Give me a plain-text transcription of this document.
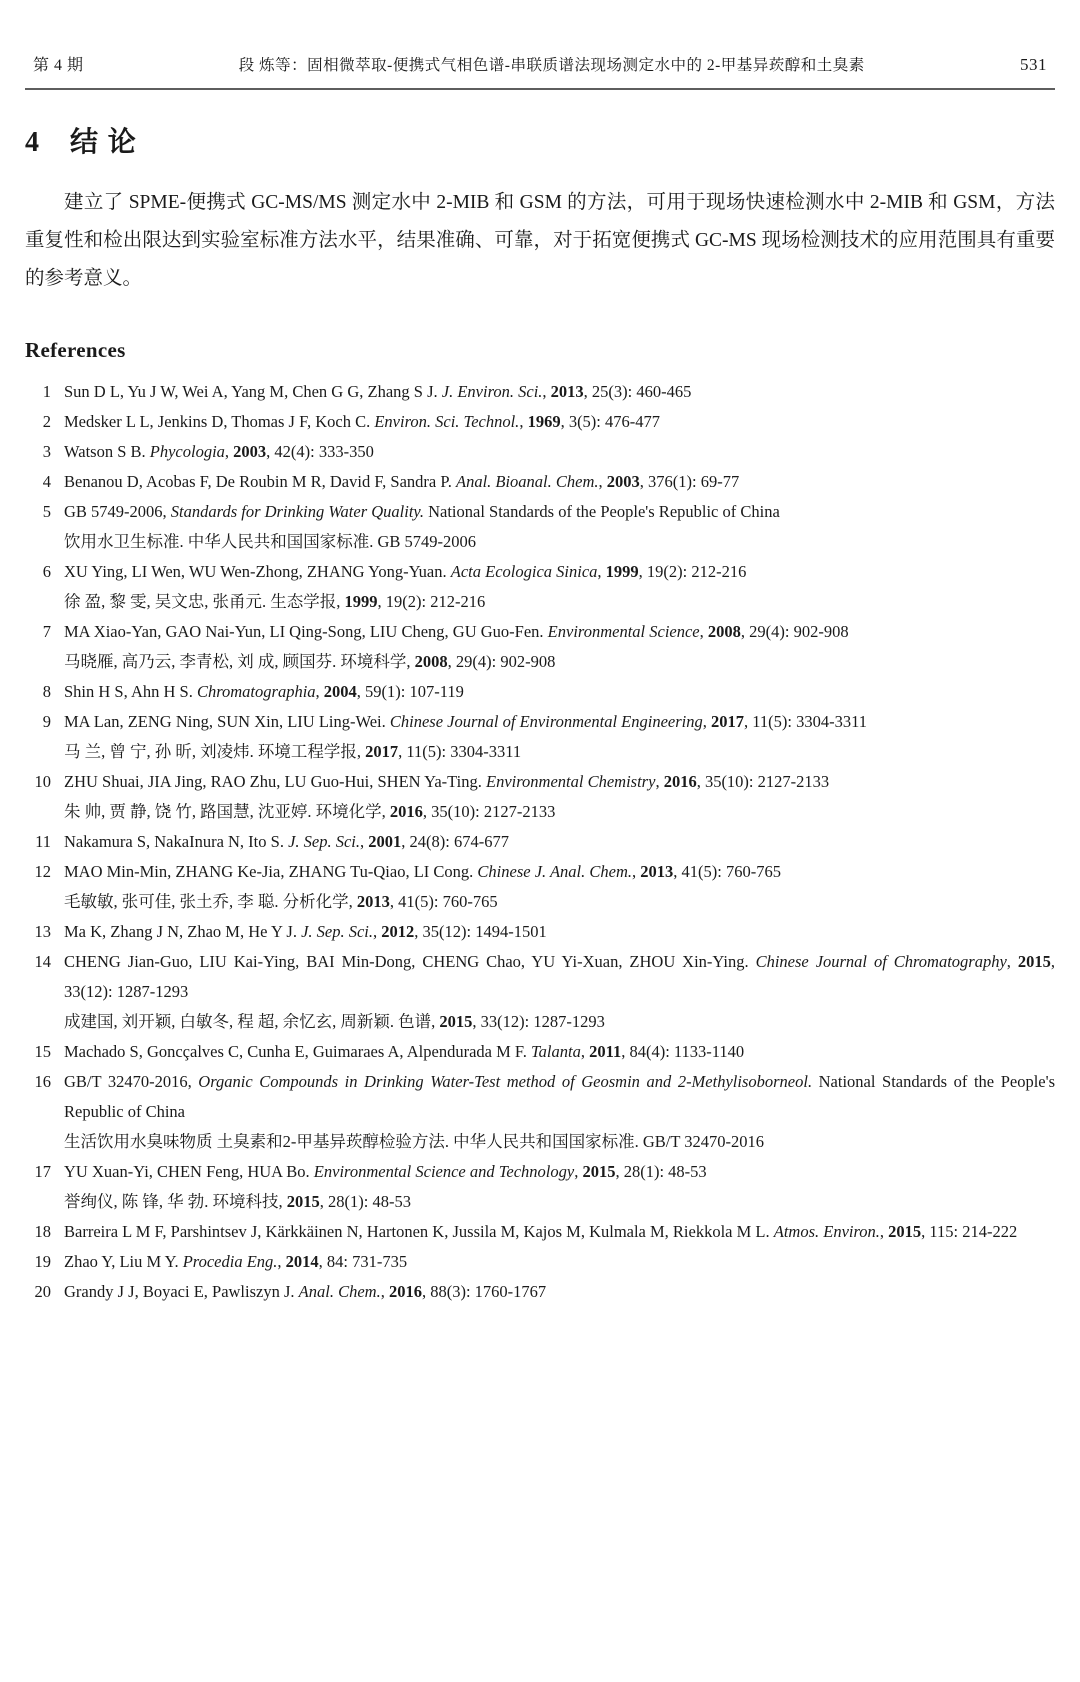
第 4 期	段 炼等：固相微萃取-便携式气相色谱-串联质谱法现场测定水中的 2-甲基异莰醇和土臭素	531
4 结 论

建立了 SPME-便携式 GC-MS/MS 测定水中 2-MIB 和 GSM 的方法，可用于现场快速检测水中 2-MIB 和 GSM，方法重复性和检出限达到实验室标准方法水平，结果准确、可靠，对于拓宽便携式 GC-MS 现场检测技术的应用范围具有重要的参考意义。

References
1 Sun D L, Yu J W, Wei A, Yang M, Chen G G, Zhang S J. J. Environ. Sci., 2013, 25(3): 460-465
2 Medsker L L, Jenkins D, Thomas J F, Koch C. Environ. Sci. Technol., 1969, 3(5): 476-477
3 Watson S B. Phycologia, 2003, 42(4): 333-350
4 Benanou D, Acobas F, De Roubin M R, David F, Sandra P. Anal. Bioanal. Chem., 2003, 376(1): 69-77
5 GB 5749-2006, Standards for Drinking Water Quality. National Standards of the People's Republic of China
饮用水卫生标准. 中华人民共和国国家标准. GB 5749-2006
6 XU Ying, LI Wen, WU Wen-Zhong, ZHANG Yong-Yuan. Acta Ecologica Sinica, 1999, 19(2): 212-216
徐 盈, 黎 雯, 吴文忠, 张甬元. 生态学报, 1999, 19(2): 212-216
7 MA Xiao-Yan, GAO Nai-Yun, LI Qing-Song, LIU Cheng, GU Guo-Fen. Environmental Science, 2008, 29(4): 902-908
马晓雁, 高乃云, 李青松, 刘 成, 顾国芬. 环境科学, 2008, 29(4): 902-908
8 Shin H S, Ahn H S. Chromatographia, 2004, 59(1): 107-119
9 MA Lan, ZENG Ning, SUN Xin, LIU Ling-Wei. Chinese Journal of Environmental Engineering, 2017, 11(5): 3304-3311
马 兰, 曾 宁, 孙 昕, 刘凌炜. 环境工程学报, 2017, 11(5): 3304-3311
10 ZHU Shuai, JIA Jing, RAO Zhu, LU Guo-Hui, SHEN Ya-Ting. Environmental Chemistry, 2016, 35(10): 2127-2133
朱 帅, 贾 静, 饶 竹, 路国慧, 沈亚婷. 环境化学, 2016, 35(10): 2127-2133
11 Nakamura S, NakaInura N, Ito S. J. Sep. Sci., 2001, 24(8): 674-677
12 MAO Min-Min, ZHANG Ke-Jia, ZHANG Tu-Qiao, LI Cong. Chinese J. Anal. Chem., 2013, 41(5): 760-765
毛敏敏, 张可佳, 张土乔, 李 聪. 分析化学, 2013, 41(5): 760-765
13 Ma K, Zhang J N, Zhao M, He Y J. J. Sep. Sci., 2012, 35(12): 1494-1501
14 CHENG Jian-Guo, LIU Kai-Ying, BAI Min-Dong, CHENG Chao, YU Yi-Xuan, ZHOU Xin-Ying. Chinese Journal of Chromatography, 2015, 33(12): 1287-1293
成建国, 刘开颖, 白敏冬, 程 超, 余忆玄, 周新颖. 色谱, 2015, 33(12): 1287-1293
15 Machado S, Goncçalves C, Cunha E, Guimaraes A, Alpendurada M F. Talanta, 2011, 84(4): 1133-1140
16 GB/T 32470-2016, Organic Compounds in Drinking Water-Test method of Geosmin and 2-Methylisoborneol. National Standards of the People's Republic of China
生活饮用水臭味物质 土臭素和2-甲基异莰醇检验方法. 中华人民共和国国家标准. GB/T 32470-2016
17 YU Xuan-Yi, CHEN Feng, HUA Bo. Environmental Science and Technology, 2015, 28(1): 48-53
誉绚仪, 陈 锋, 华 勃. 环境科技, 2015, 28(1): 48-53
18 Barreira L M F, Parshintsev J, Kärkkäinen N, Hartonen K, Jussila M, Kajos M, Kulmala M, Riekkola M L. Atmos. Environ., 2015, 115: 214-222
19 Zhao Y, Liu M Y. Procedia Eng., 2014, 84: 731-735
20 Grandy J J, Boyaci E, Pawliszyn J. Anal. Chem., 2016, 88(3): 1760-1767
